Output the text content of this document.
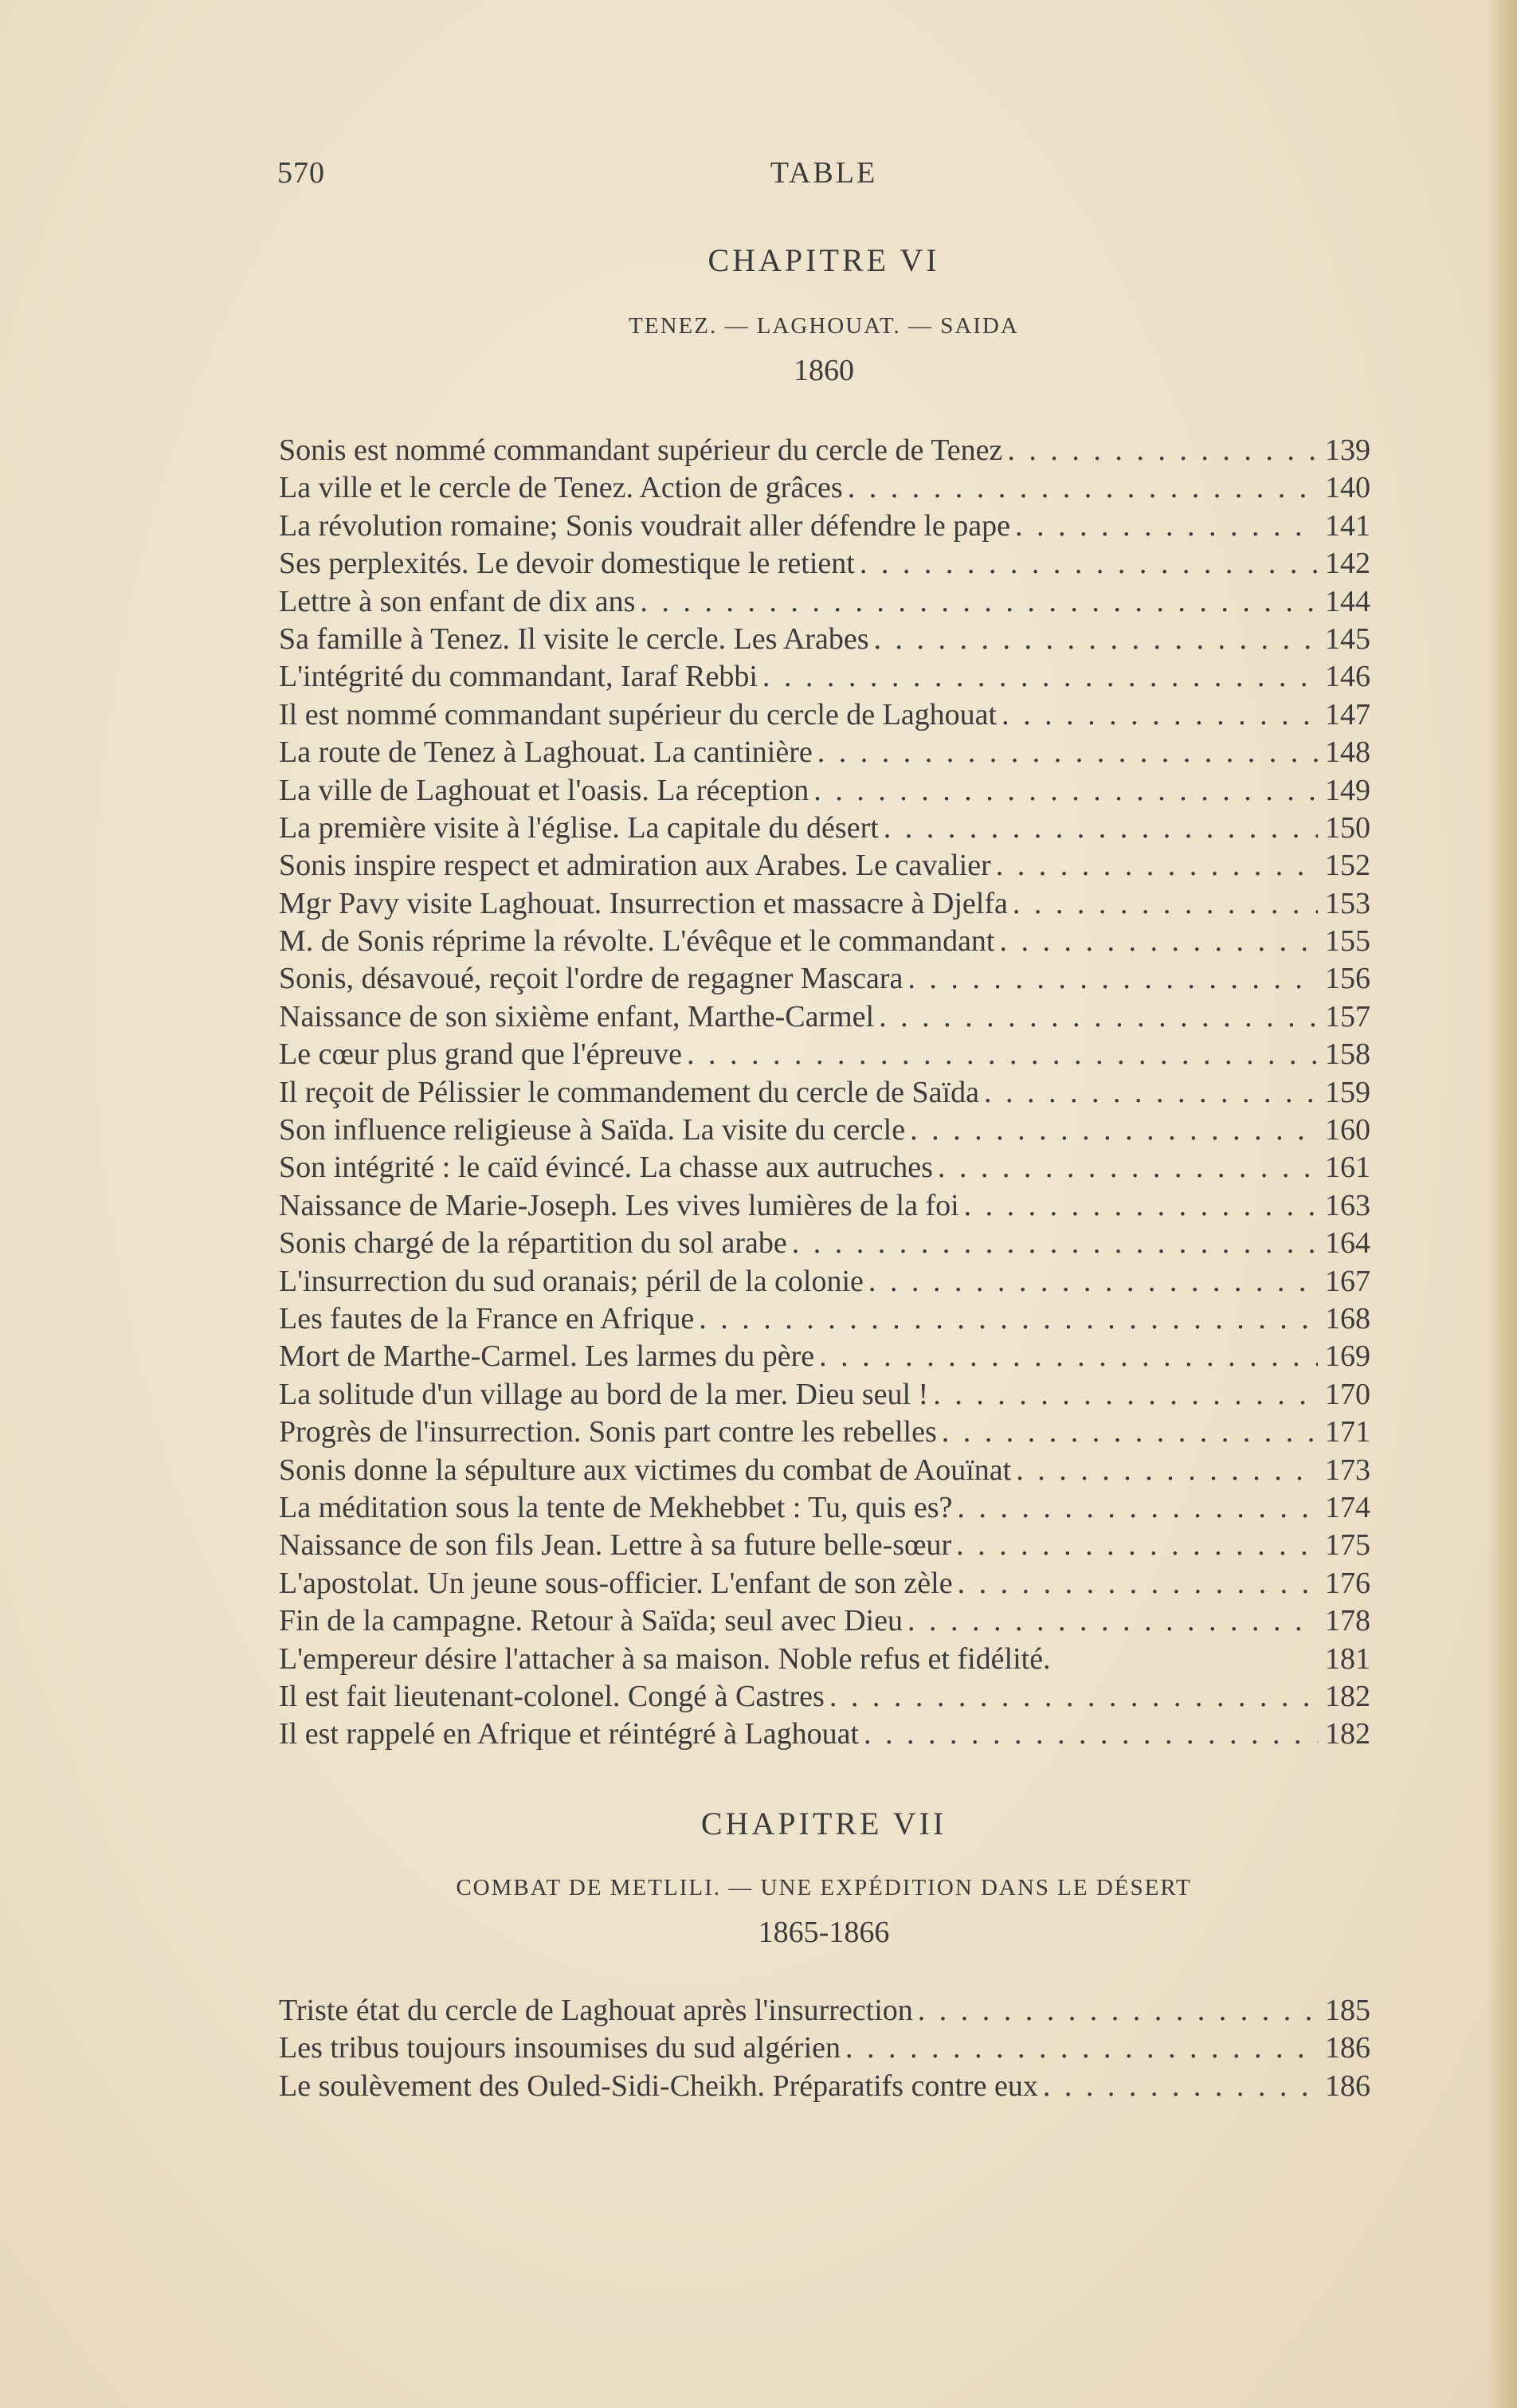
570	TABLE
CHAPITRE VI
TENEZ. — LAGHOUAT. — SAIDA
1860
Sonis est nommé commandant supérieur du cercle de Tenez . . .	139
La ville et le cercle de Tenez. Action de grâces . . .	140
La révolution romaine; Sonis voudrait aller défendre le pape . . .	141
Ses perplexités. Le devoir domestique le retient . . .	142
Lettre à son enfant de dix ans . . .	144
Sa famille à Tenez. Il visite le cercle. Les Arabes . . .	145
L'intégrité du commandant, Iaraf Rebbi . . .	146
Il est nommé commandant supérieur du cercle de Laghouat . . .	147
La route de Tenez à Laghouat. La cantinière . . .	148
La ville de Laghouat et l'oasis. La réception . . .	149
La première visite à l'église. La capitale du désert . . .	150
Sonis inspire respect et admiration aux Arabes. Le cavalier . . .	152
Mgr Pavy visite Laghouat. Insurrection et massacre à Djelfa . . .	153
M. de Sonis réprime la révolte. L'évêque et le commandant . . .	155
Sonis, désavoué, reçoit l'ordre de regagner Mascara . . .	156
Naissance de son sixième enfant, Marthe-Carmel . . .	157
Le cœur plus grand que l'épreuve . . .	158
Il reçoit de Pélissier le commandement du cercle de Saïda . . .	159
Son influence religieuse à Saïda. La visite du cercle . . .	160
Son intégrité : le caïd évincé. La chasse aux autruches . . .	161
Naissance de Marie-Joseph. Les vives lumières de la foi . . .	163
Sonis chargé de la répartition du sol arabe . . .	164
L'insurrection du sud oranais; péril de la colonie . . .	167
Les fautes de la France en Afrique . . .	168
Mort de Marthe-Carmel. Les larmes du père . . .	169
La solitude d'un village au bord de la mer. Dieu seul ! . . .	170
Progrès de l'insurrection. Sonis part contre les rebelles . . .	171
Sonis donne la sépulture aux victimes du combat de Aouïnat . . .	173
La méditation sous la tente de Mekhebbet : Tu, quis es? . . .	174
Naissance de son fils Jean. Lettre à sa future belle-sœur . . .	175
L'apostolat. Un jeune sous-officier. L'enfant de son zèle . . .	176
Fin de la campagne. Retour à Saïda; seul avec Dieu . . .	178
L'empereur désire l'attacher à sa maison. Noble refus et fidélité.	181
Il est fait lieutenant-colonel. Congé à Castres . . .	182
Il est rappelé en Afrique et réintégré à Laghouat . . .	182
CHAPITRE VII
COMBAT DE METLILI. — UNE EXPÉDITION DANS LE DÉSERT
1865-1866
Triste état du cercle de Laghouat après l'insurrection . . .	185
Les tribus toujours insoumises du sud algérien . . .	186
Le soulèvement des Ouled-Sidi-Cheikh. Préparatifs contre eux . . .	186
